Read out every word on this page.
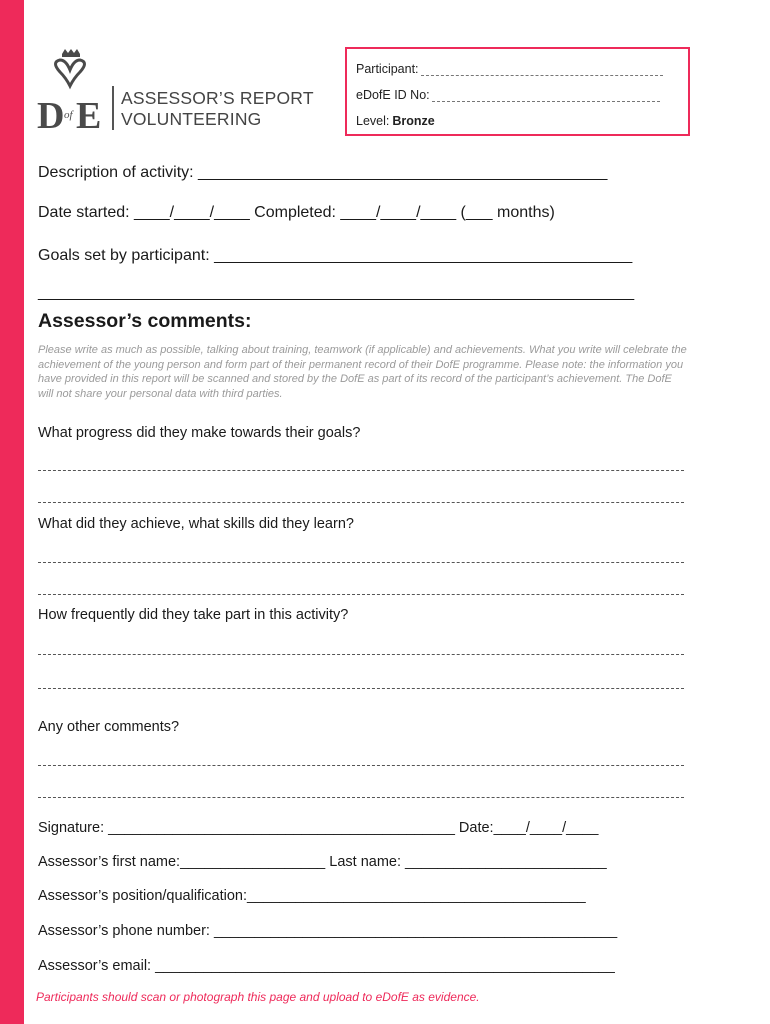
D of E ASSESSOR’S REPORT
VOLUNTEERING
Participant:
eDofE ID No:
Level: Bronze
Description of activity: ______________________________________________
Date started: ____/____/____ Completed: ____/____/____ (___ months)
Goals set by participant: _______________________________________________
___________________________________________________________________
Assessor’s comments:
Please write as much as possible, talking about training, teamwork (if applicable) and achievements. What you write will celebrate the achievement of the young person and form part of their permanent record of their DofE programme. Please note: the information you have provided in this report will be scanned and stored by the DofE as part of its record of the participant’s achievement. The DofE will not share your personal data with third parties.
What progress did they make towards their goals?
What did they achieve, what skills did they learn?
How frequently did they take part in this activity?
Any other comments?
Signature: ___________________________________________ Date:____/____/____
Assessor’s first name:__________________ Last name: _________________________
Assessor’s position/qualification:__________________________________________
Assessor’s phone number: __________________________________________________
Assessor’s email: _________________________________________________________
Participants should scan or photograph this page and upload to eDofE as evidence.
